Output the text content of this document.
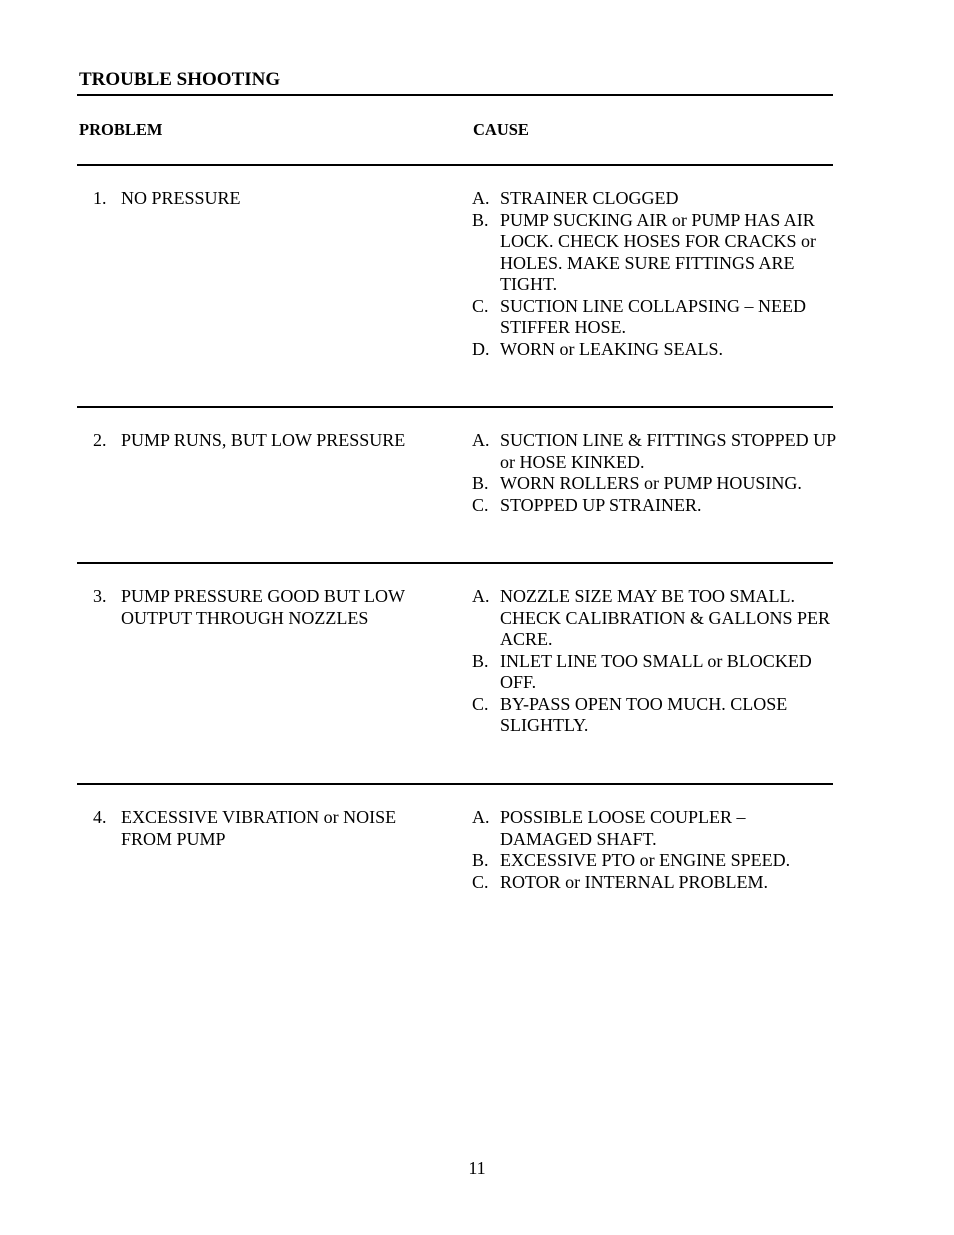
TROUBLE SHOOTING
PROBLEM	CAUSE
1. NO PRESSURE	A. STRAINER CLOGGED
B. PUMP SUCKING AIR or PUMP HAS AIR LOCK. CHECK HOSES FOR CRACKS or HOLES. MAKE SURE FITTINGS ARE TIGHT.
C. SUCTION LINE COLLAPSING – NEED STIFFER HOSE.
D. WORN or LEAKING SEALS.
2. PUMP RUNS, BUT LOW PRESSURE	A. SUCTION LINE & FITTINGS STOPPED UP or HOSE KINKED.
B. WORN ROLLERS or PUMP HOUSING.
C. STOPPED UP STRAINER.
3. PUMP PRESSURE GOOD BUT LOW OUTPUT THROUGH NOZZLES
A. NOZZLE SIZE MAY BE TOO SMALL. CHECK CALIBRATION & GALLONS PER ACRE.
B. INLET LINE TOO SMALL or BLOCKED OFF.
C. BY-PASS OPEN TOO MUCH. CLOSE SLIGHTLY.
4. EXCESSIVE VIBRATION or NOISE FROM PUMP
A. POSSIBLE LOOSE COUPLER – DAMAGED SHAFT.
B. EXCESSIVE PTO or ENGINE SPEED.
C. ROTOR or INTERNAL PROBLEM.
11
